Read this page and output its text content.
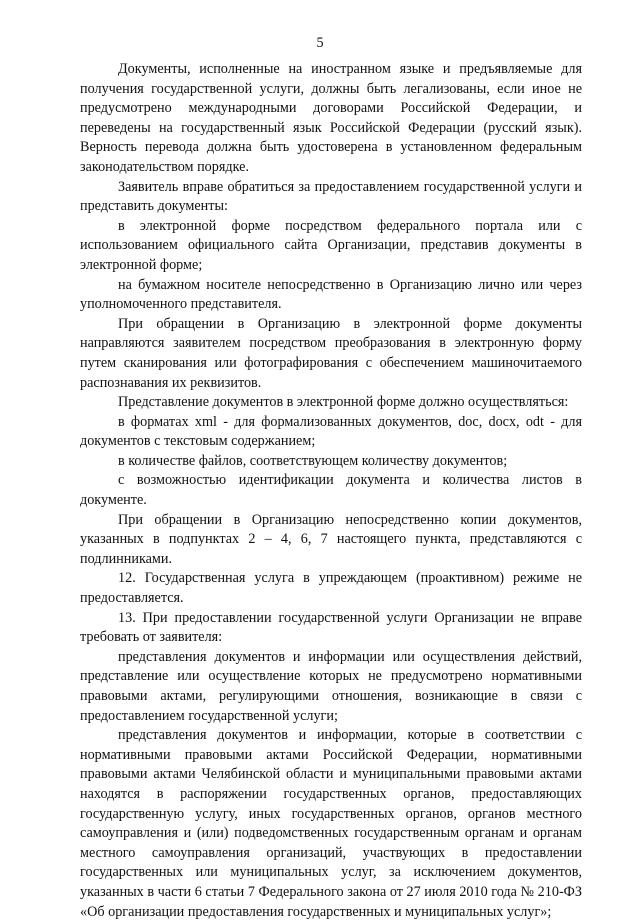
5

Документы, исполненные на иностранном языке и предъявляемые для получения государственной услуги, должны быть легализованы, если иное не предусмотрено международными договорами Российской Федерации, и переведены на государственный язык Российской Федерации (русский язык). Верность перевода должна быть удостоверена в установленном федеральным законодательством порядке.

Заявитель вправе обратиться за предоставлением государственной услуги и представить документы:

в электронной форме посредством федерального портала или с использованием официального сайта Организации, представив документы в электронной форме;

на бумажном носителе непосредственно в Организацию лично или через уполномоченного представителя.

При обращении в Организацию в электронной форме документы направляются заявителем посредством преобразования в электронную форму путем сканирования или фотографирования с обеспечением машиночитаемого распознавания их реквизитов.

Представление документов в электронной форме должно осуществляться:

в форматах xml - для формализованных документов, doc, docx, odt - для документов с текстовым содержанием;

в количестве файлов, соответствующем количеству документов;

с возможностью идентификации документа и количества листов в документе.

При обращении в Организацию непосредственно копии документов, указанных в подпунктах 2 – 4, 6, 7 настоящего пункта, представляются с подлинниками.

12. Государственная услуга в упреждающем (проактивном) режиме не предоставляется.

13. При предоставлении государственной услуги Организации не вправе требовать от заявителя:

представления документов и информации или осуществления действий, представление или осуществление которых не предусмотрено нормативными правовыми актами, регулирующими отношения, возникающие в связи с предоставлением государственной услуги;

представления документов и информации, которые в соответствии с нормативными правовыми актами Российской Федерации, нормативными правовыми актами Челябинской области и муниципальными правовыми актами находятся в распоряжении государственных органов, предоставляющих государственную услугу, иных государственных органов, органов местного самоуправления и (или) подведомственных государственным органам и органам местного самоуправления организаций, участвующих в предоставлении государственных или муниципальных услуг, за исключением документов, указанных в части 6 статьи 7 Федерального закона от 27 июля 2010 года № 210-ФЗ «Об организации предоставления государственных и муниципальных услуг»;
